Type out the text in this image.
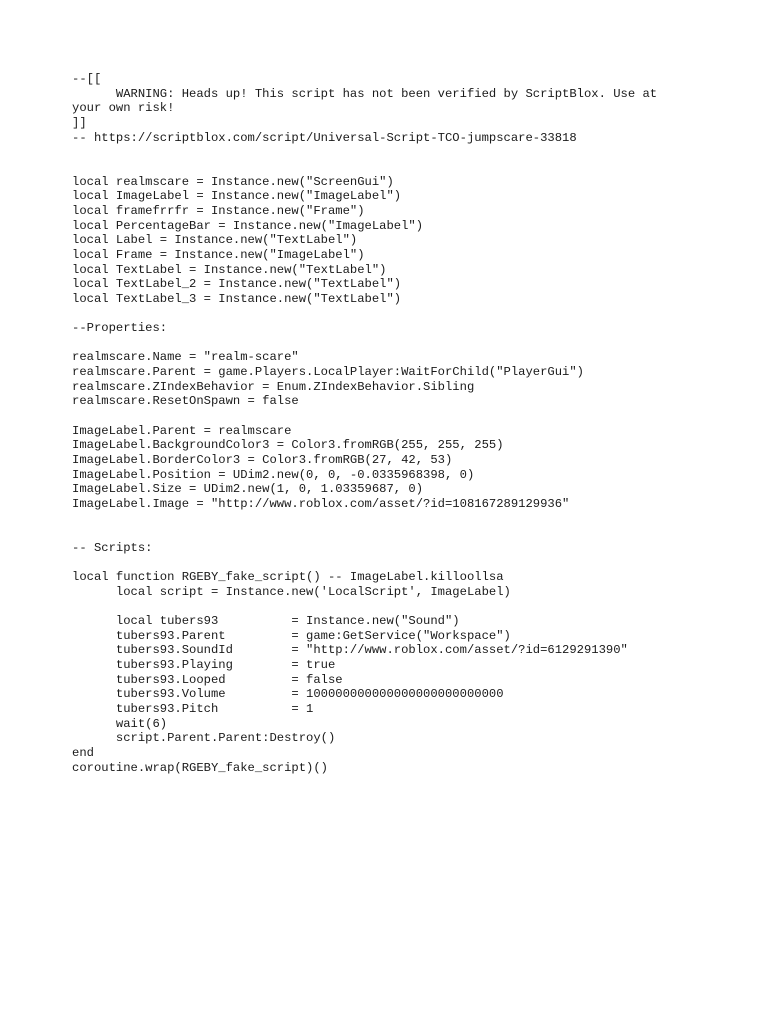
--[[
WARNING: Heads up! This script has not been verified by ScriptBlox. Use at
your own risk!
]]
-- https://scriptblox.com/script/Universal-Script-TCO-jumpscare-33818
local realmscare = Instance.new("ScreenGui")
local ImageLabel = Instance.new("ImageLabel")
local framefrrfr = Instance.new("Frame")
local PercentageBar = Instance.new("ImageLabel")
local Label = Instance.new("TextLabel")
local Frame = Instance.new("ImageLabel")
local TextLabel = Instance.new("TextLabel")
local TextLabel_2 = Instance.new("TextLabel")
local TextLabel_3 = Instance.new("TextLabel")
--Properties:
realmscare.Name = "realm-scare"
realmscare.Parent = game.Players.LocalPlayer:WaitForChild("PlayerGui")
realmscare.ZIndexBehavior = Enum.ZIndexBehavior.Sibling
realmscare.ResetOnSpawn = false
ImageLabel.Parent = realmscare
ImageLabel.BackgroundColor3 = Color3.fromRGB(255, 255, 255)
ImageLabel.BorderColor3 = Color3.fromRGB(27, 42, 53)
ImageLabel.Position = UDim2.new(0, 0, -0.0335968398, 0)
ImageLabel.Size = UDim2.new(1, 0, 1.03359687, 0)
ImageLabel.Image = "http://www.roblox.com/asset/?id=108167289129936"
-- Scripts:
local function RGEBY_fake_script() -- ImageLabel.killoollsa
local script = Instance.new('LocalScript', ImageLabel)
local tubers93          = Instance.new("Sound")
tubers93.Parent         = game:GetService("Workspace")
tubers93.SoundId        = "http://www.roblox.com/asset/?id=6129291390"
tubers93.Playing        = true
tubers93.Looped         = false
tubers93.Volume         = 100000000000000000000000000
tubers93.Pitch          = 1
wait(6)
script.Parent.Parent:Destroy()
end
coroutine.wrap(RGEBY_fake_script)()
